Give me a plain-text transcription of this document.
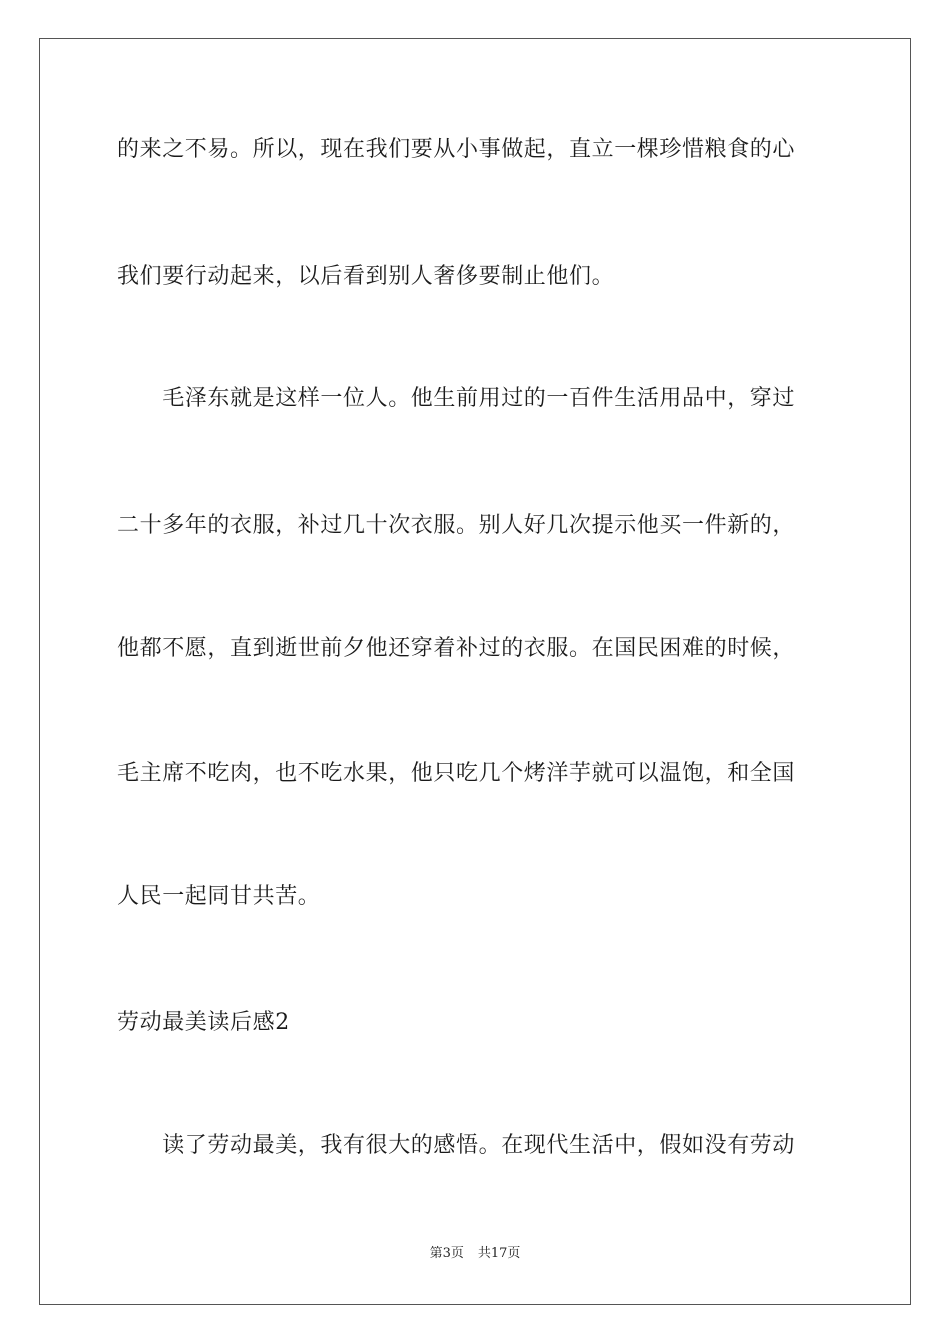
的来之不易。所以，现在我们要从小事做起，直立一棵珍惜粮食的心
我们要行动起来，以后看到别人奢侈要制止他们。
　　毛泽东就是这样一位人。他生前用过的一百件生活用品中，穿过
二十多年的衣服，补过几十次衣服。别人好几次提示他买一件新的，
他都不愿，直到逝世前夕他还穿着补过的衣服。在国民困难的时候，
毛主席不吃肉，也不吃水果，他只吃几个烤洋芋就可以温饱，和全国
人民一起同甘共苦。
劳动最美读后感2
　　读了劳动最美，我有很大的感悟。在现代生活中，假如没有劳动
第3页 共17页
